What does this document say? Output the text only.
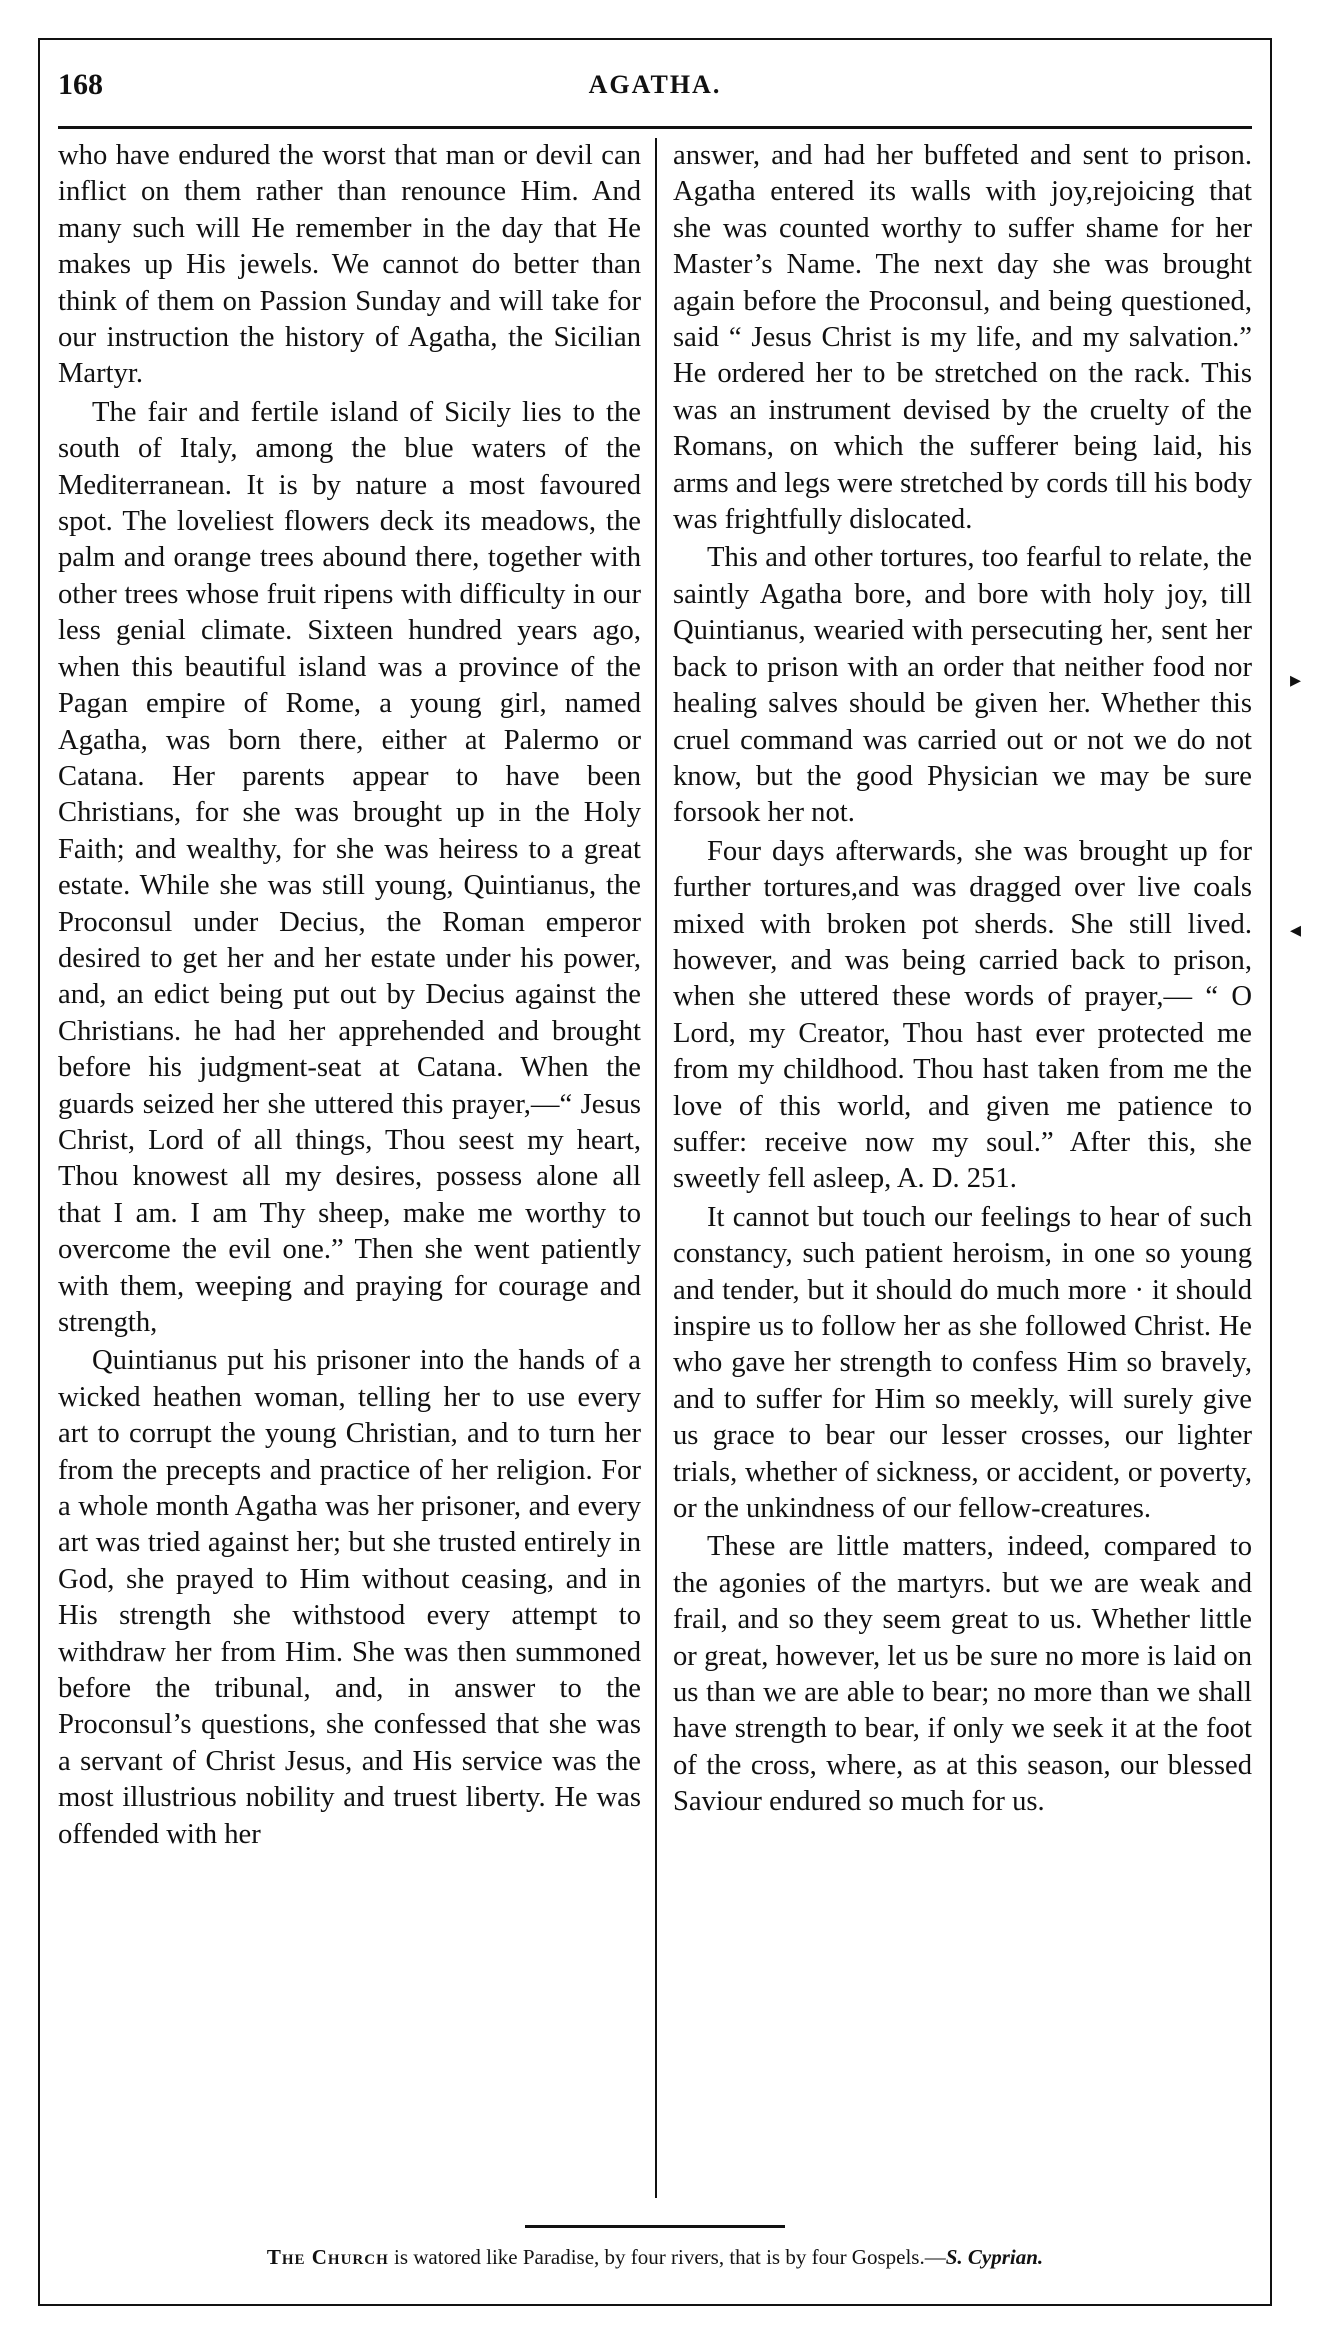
168	AGATHA.

who have endured the worst that man or devil can inflict on them rather than renounce Him. And many such will He remember in the day that He makes up His jewels. We cannot do better than think of them on Passion Sunday and will take for our instruction the history of Agatha, the Sicilian Martyr.

The fair and fertile island of Sicily lies to the south of Italy, among the blue waters of the Mediterranean. It is by nature a most favoured spot. The loveliest flowers deck its meadows, the palm and orange trees abound there, together with other trees whose fruit ripens with difficulty in our less genial climate. Sixteen hundred years ago, when this beautiful island was a province of the Pagan empire of Rome, a young girl, named Agatha, was born there, either at Palermo or Catana. Her parents appear to have been Christians, for she was brought up in the Holy Faith; and wealthy, for she was heiress to a great estate. While she was still young, Quintianus, the Proconsul under Decius, the Roman emperor desired to get her and her estate under his power, and, an edict being put out by Decius against the Christians. he had her apprehended and brought before his judgment-seat at Catana. When the guards seized her she uttered this prayer,—“ Jesus Christ, Lord of all things, Thou seest my heart, Thou knowest all my desires, possess alone all that I am. I am Thy sheep, make me worthy to overcome the evil one.” Then she went patiently with them, weeping and praying for courage and strength,

Quintianus put his prisoner into the hands of a wicked heathen woman, telling her to use every art to corrupt the young Christian, and to turn her from the precepts and practice of her religion. For a whole month Agatha was her prisoner, and every art was tried against her; but she trusted entirely in God, she prayed to Him without ceasing, and in His strength she withstood every attempt to withdraw her from Him. She was then summoned before the tribunal, and, in answer to the Proconsul’s questions, she confessed that she was a servant of Christ Jesus, and His service was the most illustrious nobility and truest liberty. He was offended with her

answer, and had her buffeted and sent to prison. Agatha entered its walls with joy,rejoicing that she was counted worthy to suffer shame for her Master’s Name. The next day she was brought again before the Proconsul, and being questioned, said “ Jesus Christ is my life, and my salvation.” He ordered her to be stretched on the rack. This was an instrument devised by the cruelty of the Romans, on which the sufferer being laid, his arms and legs were stretched by cords till his body was frightfully dislocated.

This and other tortures, too fearful to relate, the saintly Agatha bore, and bore with holy joy, till Quintianus, wearied with persecuting her, sent her back to prison with an order that neither food nor healing salves should be given her. Whether this cruel command was carried out or not we do not know, but the good Physician we may be sure forsook her not.

Four days afterwards, she was brought up for further tortures,and was dragged over live coals mixed with broken pot sherds. She still lived. however, and was being carried back to prison, when she uttered these words of prayer,— “ O Lord, my Creator, Thou hast ever protected me from my childhood. Thou hast taken from me the love of this world, and given me patience to suffer: receive now my soul.” After this, she sweetly fell asleep, A. D. 251.

It cannot but touch our feelings to hear of such constancy, such patient heroism, in one so young and tender, but it should do much more · it should inspire us to follow her as she followed Christ. He who gave her strength to confess Him so bravely, and to suffer for Him so meekly, will surely give us grace to bear our lesser crosses, our lighter trials, whether of sickness, or accident, or poverty, or the unkindness of our fellow-creatures.

These are little matters, indeed, compared to the agonies of the martyrs. but we are weak and frail, and so they seem great to us. Whether little or great, however, let us be sure no more is laid on us than we are able to bear; no more than we shall have strength to bear, if only we seek it at the foot of the cross, where, as at this season, our blessed Saviour endured so much for us.

The Church is watored like Paradise, by four rivers, that is by four Gospels.—S. Cyprian.
▸
◂
